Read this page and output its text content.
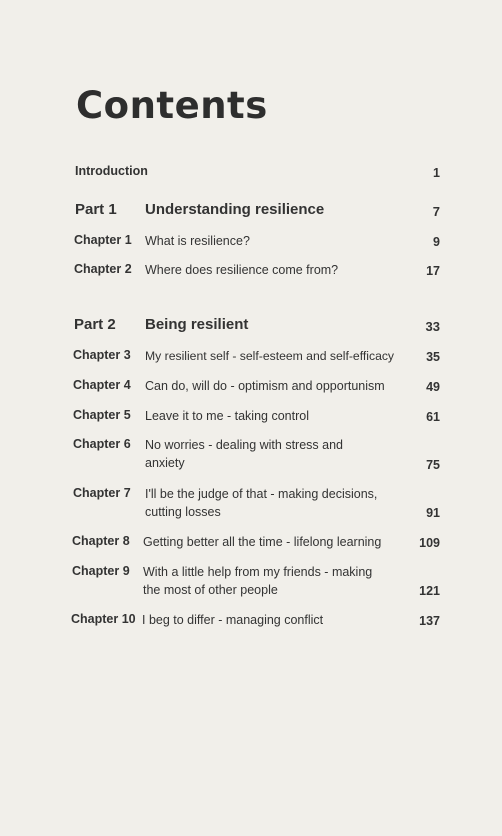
Contents
Introduction	1
Part 1 Understanding resilience	7
Chapter 1 What is resilience?	9
Chapter 2 Where does resilience come from?	17
Part 2 Being resilient	33
Chapter 3 My resilient self - self-esteem and self-efficacy	35
Chapter 4 Can do, will do - optimism and opportunism	49
Chapter 5 Leave it to me - taking control	61
Chapter 6 No worries - dealing with stress and anxiety	75
Chapter 7 I'll be the judge of that - making decisions, cutting losses	91
Chapter 8 Getting better all the time - lifelong learning	109
Chapter 9 With a little help from my friends - making the most of other people	121
Chapter 10 I beg to differ - managing conflict	137
